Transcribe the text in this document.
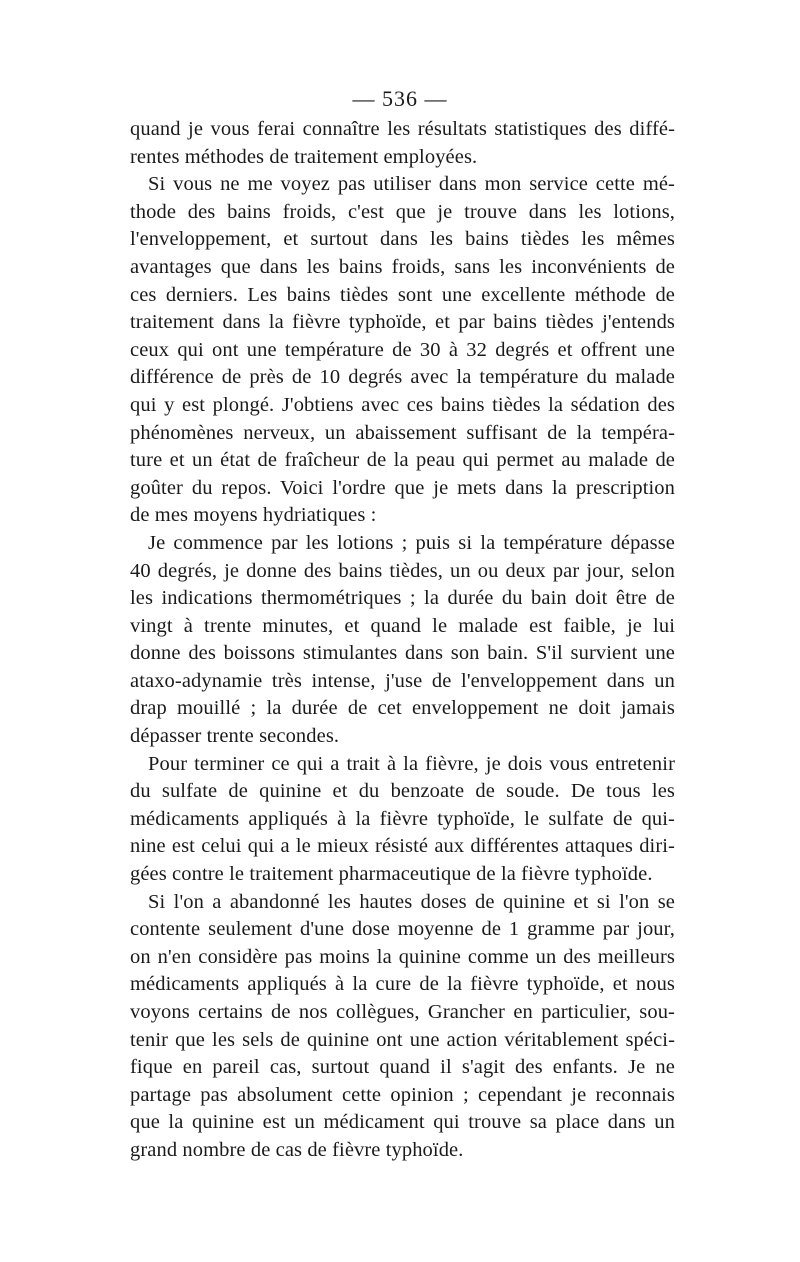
— 536 —
quand je vous ferai connaître les résultats statistiques des diffé-
rentes méthodes de traitement employées.
Si vous ne me voyez pas utiliser dans mon service cette mé-
thode des bains froids, c'est que je trouve dans les lotions,
l'enveloppement, et surtout dans les bains tièdes les mêmes
avantages que dans les bains froids, sans les inconvénients de
ces derniers. Les bains tièdes sont une excellente méthode de
traitement dans la fièvre typhoïde, et par bains tièdes j'entends
ceux qui ont une température de 30 à 32 degrés et offrent une
différence de près de 10 degrés avec la température du malade
qui y est plongé. J'obtiens avec ces bains tièdes la sédation des
phénomènes nerveux, un abaissement suffisant de la tempéra-
ture et un état de fraîcheur de la peau qui permet au malade de
goûter du repos. Voici l'ordre que je mets dans la prescription
de mes moyens hydriatiques :
Je commence par les lotions ; puis si la température dépasse
40 degrés, je donne des bains tièdes, un ou deux par jour, selon
les indications thermométriques ; la durée du bain doit être de
vingt à trente minutes, et quand le malade est faible, je lui
donne des boissons stimulantes dans son bain. S'il survient une
ataxo-adynamie très intense, j'use de l'enveloppement dans un
drap mouillé ; la durée de cet enveloppement ne doit jamais
dépasser trente secondes.
Pour terminer ce qui a trait à la fièvre, je dois vous entretenir
du sulfate de quinine et du benzoate de soude. De tous les
médicaments appliqués à la fièvre typhoïde, le sulfate de qui-
nine est celui qui a le mieux résisté aux différentes attaques diri-
gées contre le traitement pharmaceutique de la fièvre typhoïde.
Si l'on a abandonné les hautes doses de quinine et si l'on se
contente seulement d'une dose moyenne de 1 gramme par jour,
on n'en considère pas moins la quinine comme un des meilleurs
médicaments appliqués à la cure de la fièvre typhoïde, et nous
voyons certains de nos collègues, Grancher en particulier, sou-
tenir que les sels de quinine ont une action véritablement spéci-
fique en pareil cas, surtout quand il s'agit des enfants. Je ne
partage pas absolument cette opinion ; cependant je reconnais
que la quinine est un médicament qui trouve sa place dans un
grand nombre de cas de fièvre typhoïde.
